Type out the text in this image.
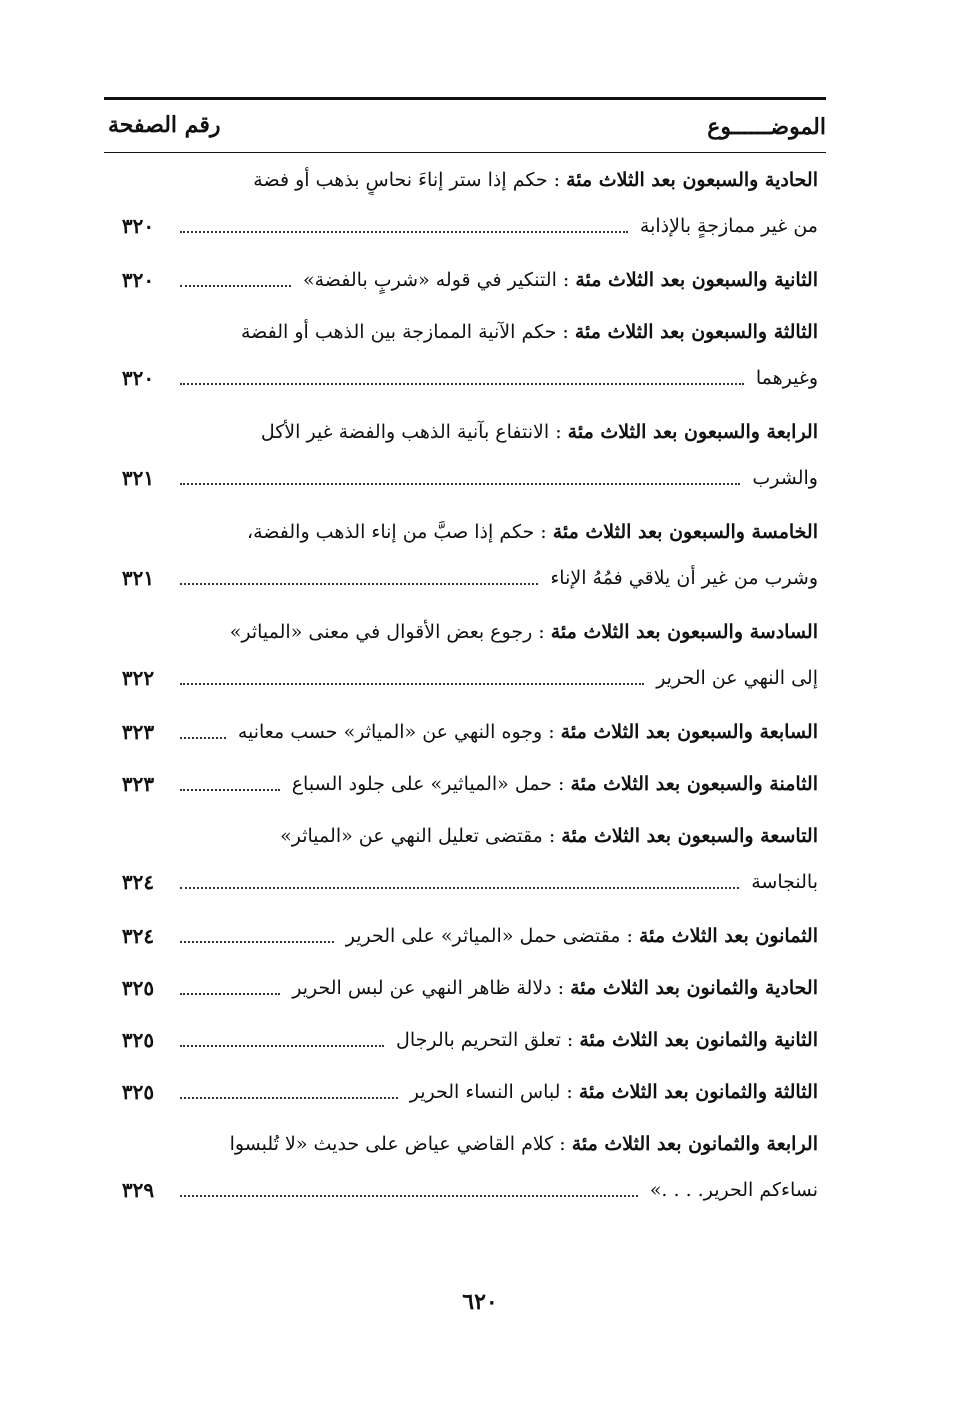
الموضــــــوع
رقم الصفحة
الحادية والسبعون بعد الثلاث مئة : حكم إذا ستر إناءَ نحاسٍ بذهب أو فضة
من غير ممازجةٍ بالإذابة
٣٢٠
الثانية والسبعون بعد الثلاث مئة : التنكير في قوله «شربٍ بالفضة»
٣٢٠
الثالثة والسبعون بعد الثلاث مئة : حكم الآنية الممازجة بين الذهب أو الفضة
وغيرهما
٣٢٠
الرابعة والسبعون بعد الثلاث مئة : الانتفاع بآنية الذهب والفضة غير الأكل
والشرب
٣٢١
الخامسة والسبعون بعد الثلاث مئة : حكم إذا صبَّ من إناء الذهب والفضة،
وشرب من غير أن يلاقي فمُهُ الإناء
٣٢١
السادسة والسبعون بعد الثلاث مئة : رجوع بعض الأقوال في معنى «المياثر»
إلى النهي عن الحرير
٣٢٢
السابعة والسبعون بعد الثلاث مئة : وجوه النهي عن «المياثر» حسب معانيه
٣٢٣
الثامنة والسبعون بعد الثلاث مئة : حمل «المياثير» على جلود السباع
٣٢٣
التاسعة والسبعون بعد الثلاث مئة : مقتضى تعليل النهي عن «المياثر»
بالنجاسة
٣٢٤
الثمانون بعد الثلاث مئة : مقتضى حمل «المياثر» على الحرير
٣٢٤
الحادية والثمانون بعد الثلاث مئة : دلالة ظاهر النهي عن لبس الحرير
٣٢٥
الثانية والثمانون بعد الثلاث مئة : تعلق التحريم بالرجال
٣٢٥
الثالثة والثمانون بعد الثلاث مئة : لباس النساء الحرير
٣٢٥
الرابعة والثمانون بعد الثلاث مئة : كلام القاضي عياض على حديث «لا تُلبسوا
نساءكم الحرير. . . .»
٣٢٩
٦٢٠
